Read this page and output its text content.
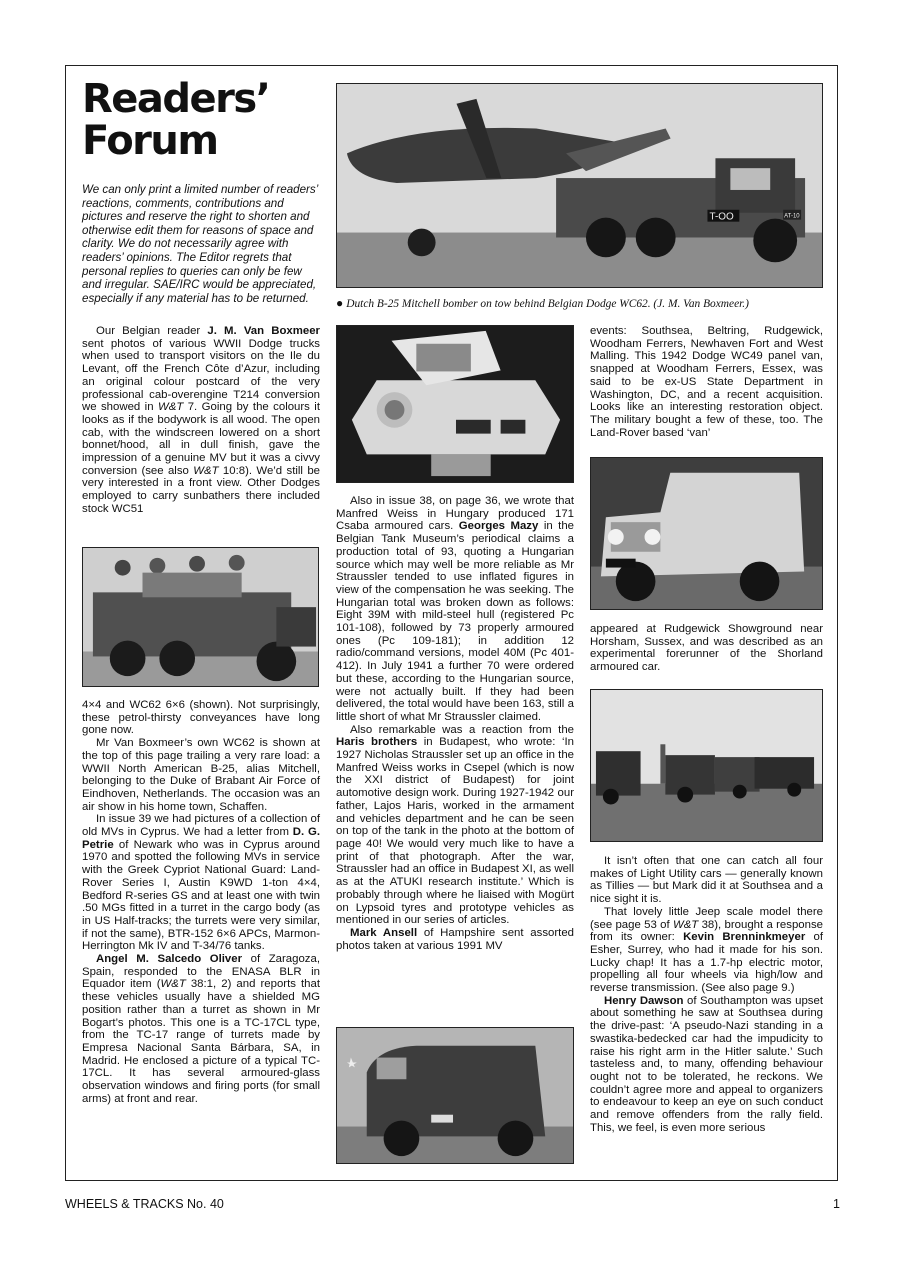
Readers’
Forum

We can only print a limited number of readers’ reactions, comments, contributions and pictures and reserve the right to shorten and otherwise edit them for reasons of space and clarity. We do not necessarily agree with readers’ opinions. The Editor regrets that personal replies to queries can only be few and irregular. SAE/IRC would be appreciated, especially if any material has to be returned.

T-OO	AT-10

● Dutch B-25 Mitchell bomber on tow behind Belgian Dodge WC62. (J. M. Van Boxmeer.)

Our Belgian reader J. M. Van Boxmeer sent photos of various WWII Dodge trucks when used to transport visitors on the Ile du Levant, off the French Côte d’Azur, including an original colour postcard of the very professional cab-overengine T214 conversion we showed in W&T 7. Going by the colours it looks as if the bodywork is all wood. The open cab, with the windscreen lowered on a short bonnet/hood, all in dull finish, gave the impression of a genuine MV but it was a civvy conversion (see also W&T 10:8). We’d still be very interested in a front view. Other Dodges employed to carry sunbathers there included stock WC51

4×4 and WC62 6×6 (shown). Not surprisingly, these petrol-thirsty conveyances have long gone now.

Mr Van Boxmeer’s own WC62 is shown at the top of this page trailing a very rare load: a WWII North American B-25, alias Mitchell, belonging to the Duke of Brabant Air Force of Eindhoven, Netherlands. The occasion was an air show in his home town, Schaffen.

In issue 39 we had pictures of a collection of old MVs in Cyprus. We had a letter from D. G. Petrie of Newark who was in Cyprus around 1970 and spotted the following MVs in service with the Greek Cypriot National Guard: Land-Rover Series I, Austin K9WD 1-ton 4×4, Bedford R-series GS and at least one with twin .50 MGs fitted in a turret in the cargo body (as in US Half-tracks; the turrets were very similar, if not the same), BTR-152 6×6 APCs, Marmon-Herrington Mk IV and T-34/76 tanks.

Angel M. Salcedo Oliver of Zaragoza, Spain, responded to the ENASA BLR in Equador item (W&T 38:1, 2) and reports that these vehicles usually have a shielded MG position rather than a turret as shown in Mr Bogart’s photos. This one is a TC-17CL type, from the TC-17 range of turrets made by Empresa Nacional Santa Bárbara, SA, in Madrid. He enclosed a picture of a typical TC-17CL. It has several armoured-glass observation windows and firing ports (for small arms) at front and rear.

Also in issue 38, on page 36, we wrote that Manfred Weiss in Hungary produced 171 Csaba armoured cars. Georges Mazy in the Belgian Tank Museum’s periodical claims a production total of 93, quoting a Hungarian source which may well be more reliable as Mr Straussler tended to use inflated figures in view of the compensation he was seeking. The Hungarian total was broken down as follows: Eight 39M with mild-steel hull (registered Pc 101-108), followed by 73 properly armoured ones (Pc 109-181); in addition 12 radio/command versions, model 40M (Pc 401-412). In July 1941 a further 70 were ordered but these, according to the Hungarian source, were not actually built. If they had been delivered, the total would have been 163, still a little short of what Mr Straussler claimed.

Also remarkable was a reaction from the Haris brothers in Budapest, who wrote: ‘In 1927 Nicholas Straussler set up an office in the Manfred Weiss works in Csepel (which is now the XXI district of Budapest) for joint automotive design work. During 1927-1942 our father, Lajos Haris, worked in the armament and vehicles department and he can be seen on top of the tank in the photo at the bottom of page 40! We would very much like to have a print of that photograph. After the war, Straussler had an office in Budapest XI, as well as at the ATUKI research institute.’ Which is probably through where he liaised with Mogürt on Lypsoid tyres and prototype vehicles as mentioned in our series of articles.

Mark Ansell of Hampshire sent assorted photos taken at various 1991 MV

events: Southsea, Beltring, Rudgewick, Woodham Ferrers, Newhaven Fort and West Malling. This 1942 Dodge WC49 panel van, snapped at Woodham Ferrers, Essex, was said to be ex-US State Department in Washington, DC, and a recent acquisition. Looks like an interesting restoration object. The military bought a few of these, too. The Land-Rover based ‘van’

appeared at Rudgewick Showground near Horsham, Sussex, and was described as an experimental forerunner of the Shorland armoured car.

It isn’t often that one can catch all four makes of Light Utility cars — generally known as Tillies — but Mark did it at Southsea and a nice sight it is.

That lovely little Jeep scale model there (see page 53 of W&T 38), brought a response from its owner: Kevin Brenninkmeyer of Esher, Surrey, who had it made for his son. Lucky chap! It has a 1.7-hp electric motor, propelling all four wheels via high/low and reverse transmission. (See also page 9.)

Henry Dawson of Southampton was upset about something he saw at Southsea during the drive-past: ‘A pseudo-Nazi standing in a swastika-bedecked car had the impudicity to raise his right arm in the Hitler salute.’ Such tasteless and, to many, offending behaviour ought not to be tolerated, he reckons. We couldn’t agree more and appeal to organizers to endeavour to keep an eye on such conduct and remove offenders from the rally field. This, we feel, is even more serious

WHEELS & TRACKS No. 40	1
